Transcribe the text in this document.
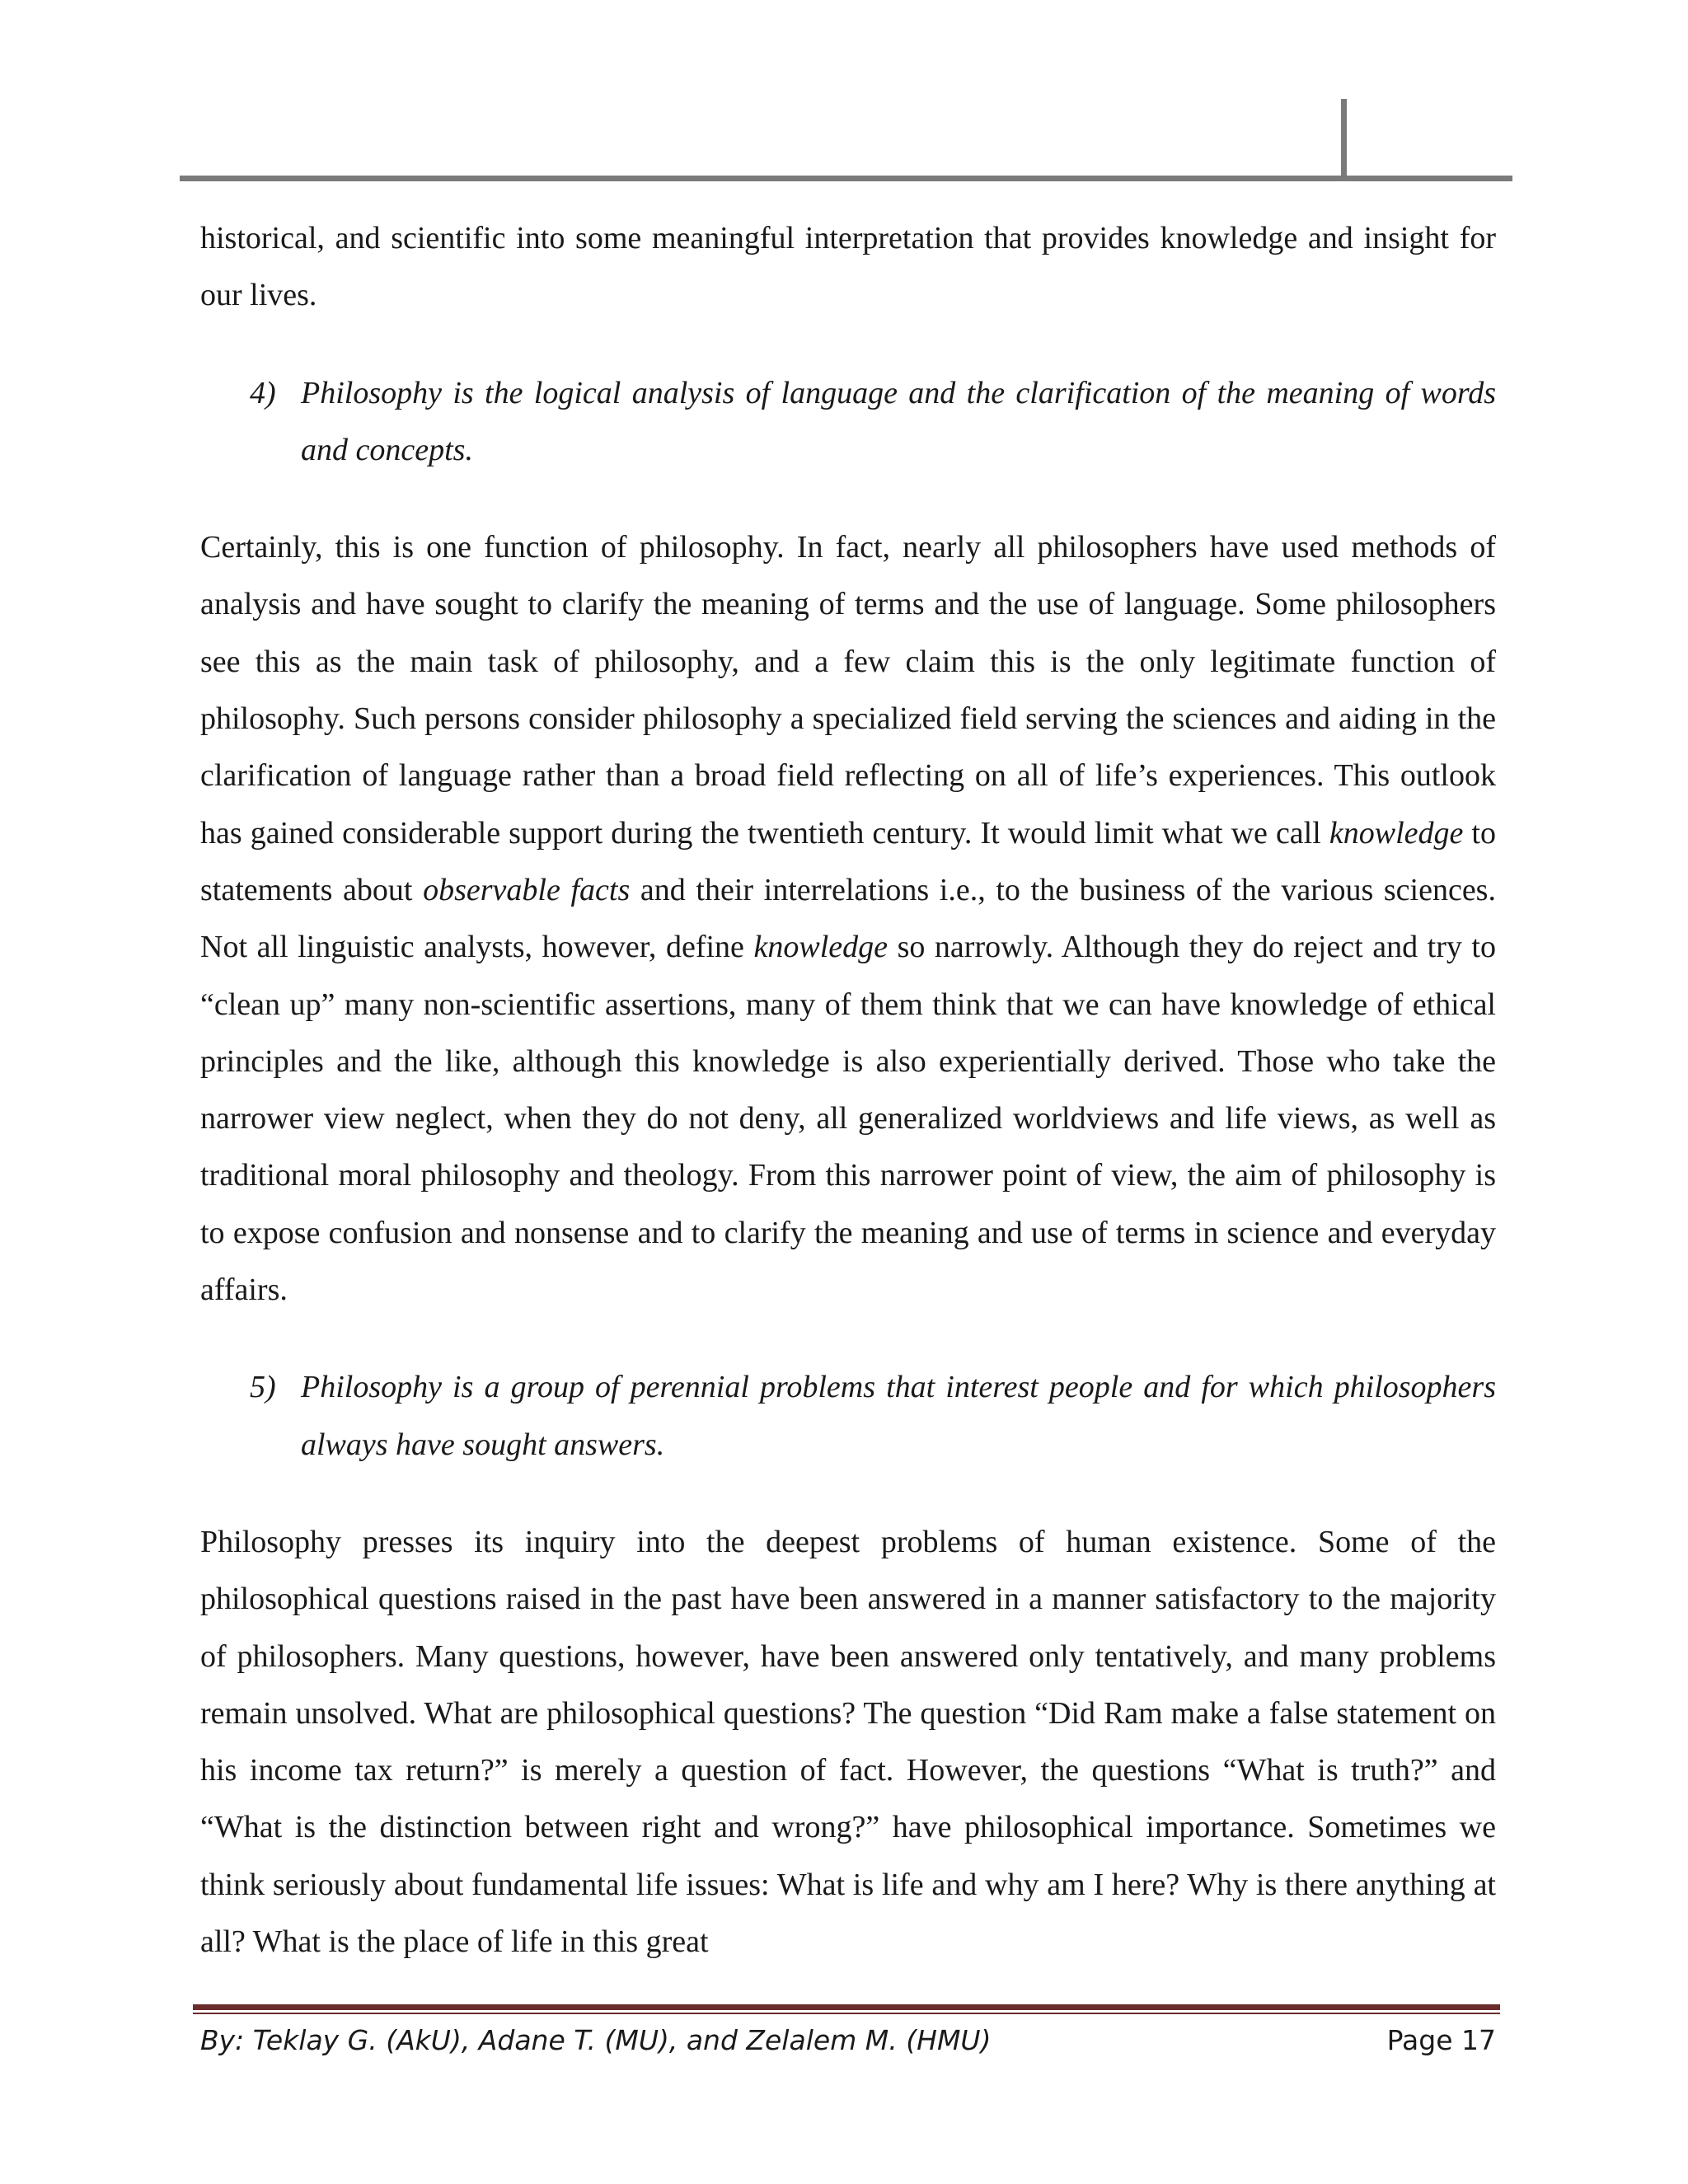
historical, and scientific into some meaningful interpretation that provides knowledge and insight for our lives.

4) Philosophy is the logical analysis of language and the clarification of the meaning of words and concepts.

Certainly, this is one function of philosophy. In fact, nearly all philosophers have used methods of analysis and have sought to clarify the meaning of terms and the use of language. Some philosophers see this as the main task of philosophy, and a few claim this is the only legitimate function of philosophy. Such persons consider philosophy a specialized field serving the sciences and aiding in the clarification of language rather than a broad field reflecting on all of life’s experiences. This outlook has gained considerable support during the twentieth century. It would limit what we call knowledge to statements about observable facts and their interrelations i.e., to the business of the various sciences. Not all linguistic analysts, however, define knowledge so narrowly. Although they do reject and try to “clean up” many non-scientific assertions, many of them think that we can have knowledge of ethical principles and the like, although this knowledge is also experientially derived. Those who take the narrower view neglect, when they do not deny, all generalized worldviews and life views, as well as traditional moral philosophy and theology. From this narrower point of view, the aim of philosophy is to expose confusion and nonsense and to clarify the meaning and use of terms in science and everyday affairs.

5) Philosophy is a group of perennial problems that interest people and for which philosophers always have sought answers.

Philosophy presses its inquiry into the deepest problems of human existence. Some of the philosophical questions raised in the past have been answered in a manner satisfactory to the majority of philosophers. Many questions, however, have been answered only tentatively, and many problems remain unsolved. What are philosophical questions? The question “Did Ram make a false statement on his income tax return?” is merely a question of fact. However, the questions “What is truth?” and “What is the distinction between right and wrong?” have philosophical importance. Sometimes we think seriously about fundamental life issues: What is life and why am I here? Why is there anything at all? What is the place of life in this great

By: Teklay G. (AkU), Adane T. (MU), and Zelalem M. (HMU)	Page 17
